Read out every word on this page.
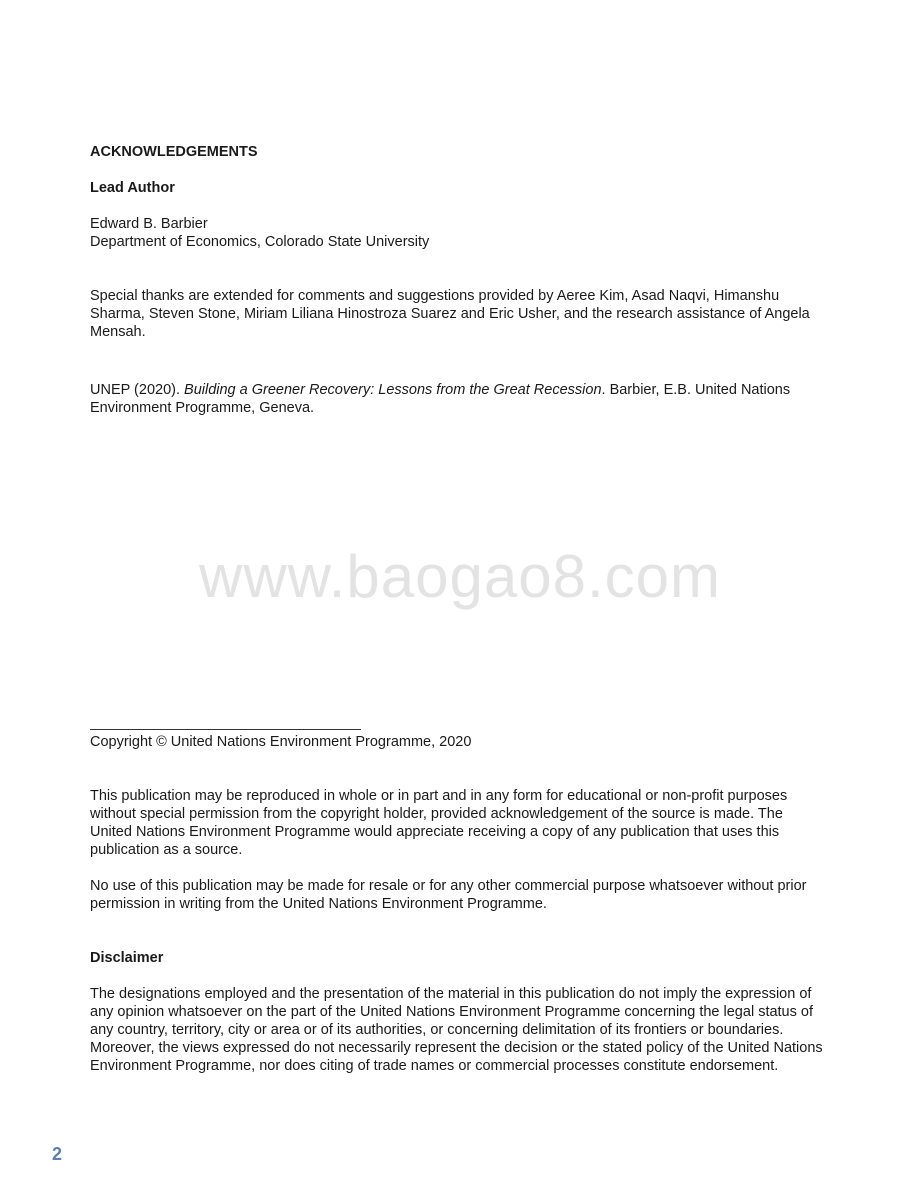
ACKNOWLEDGEMENTS
Lead Author
Edward B. Barbier
Department of Economics, Colorado State University

Special thanks are extended for comments and suggestions provided by Aeree Kim, Asad Naqvi, Himanshu Sharma, Steven Stone, Miriam Liliana Hinostroza Suarez and Eric Usher, and the research assistance of Angela Mensah.

UNEP (2020). Building a Greener Recovery: Lessons from the Great Recession. Barbier, E.B. United Nations Environment Programme, Geneva.

www.baogao8.com
Copyright © United Nations Environment Programme, 2020

This publication may be reproduced in whole or in part and in any form for educational or non-profit purposes without special permission from the copyright holder, provided acknowledgement of the source is made. The United Nations Environment Programme would appreciate receiving a copy of any publication that uses this publication as a source.

No use of this publication may be made for resale or for any other commercial purpose whatsoever without prior permission in writing from the United Nations Environment Programme.

Disclaimer

The designations employed and the presentation of the material in this publication do not imply the expression of any opinion whatsoever on the part of the United Nations Environment Programme concerning the legal status of any country, territory, city or area or of its authorities, or concerning delimitation of its frontiers or boundaries. Moreover, the views expressed do not necessarily represent the decision or the stated policy of the United Nations Environment Programme, nor does citing of trade names or commercial processes constitute endorsement.

2
